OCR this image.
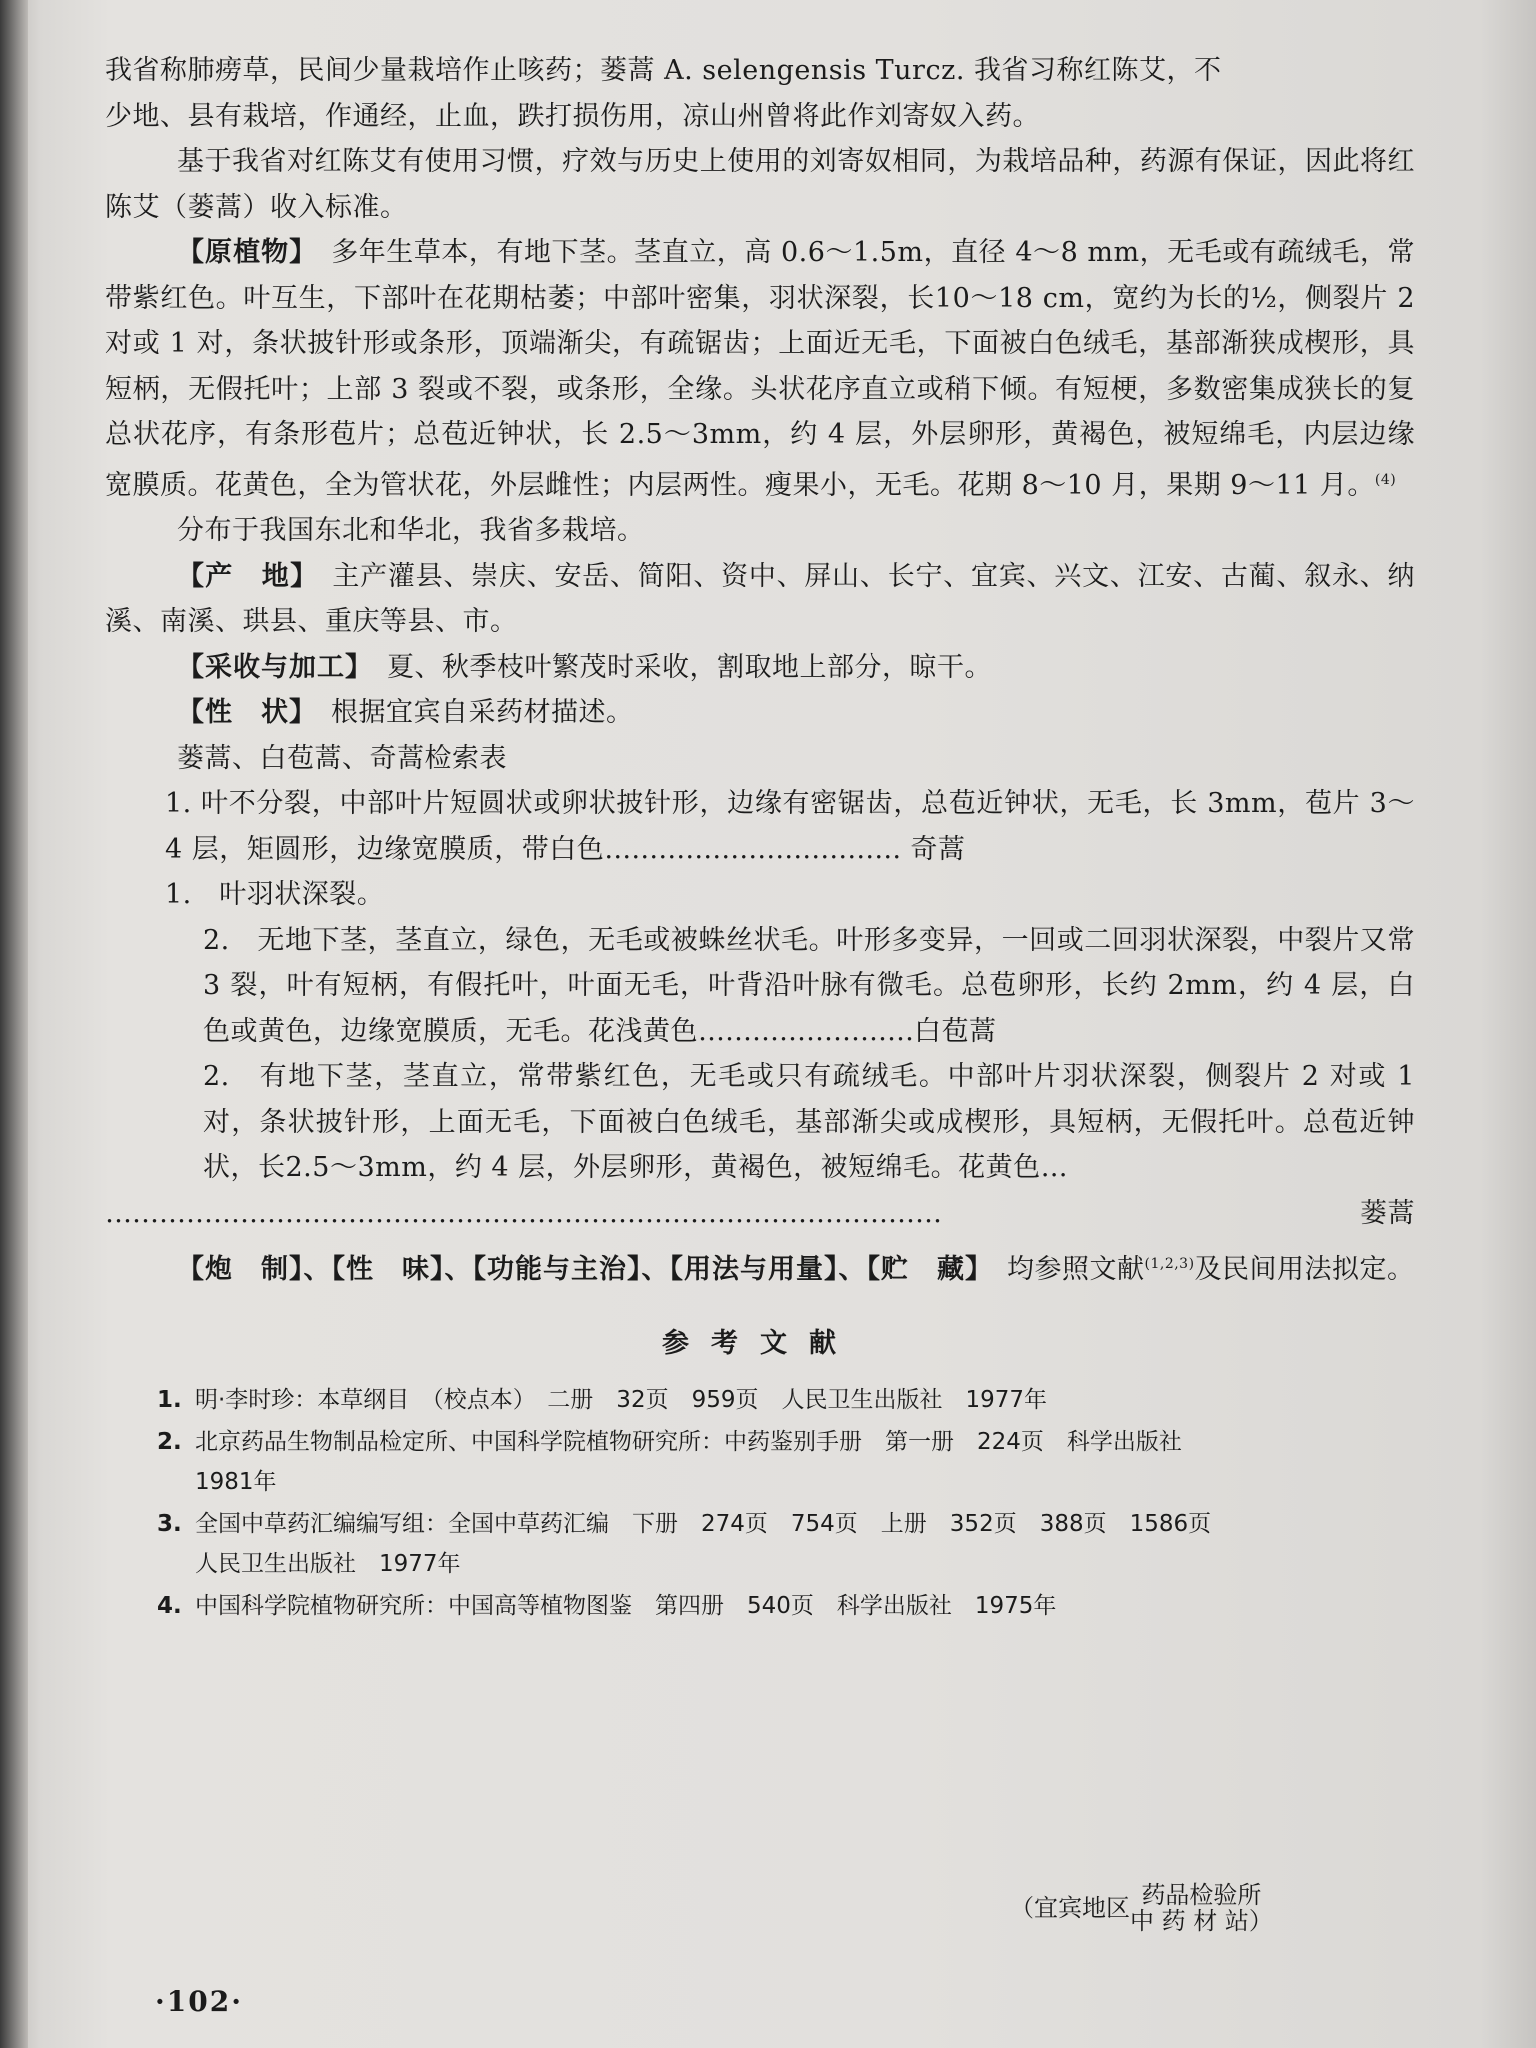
我省称肺痨草，民间少量栽培作止咳药；蒌蒿 A. selengensis Turcz. 我省习称红陈艾，不

少地、县有栽培，作通经，止血，跌打损伤用，凉山州曾将此作刘寄奴入药。

基于我省对红陈艾有使用习惯，疗效与历史上使用的刘寄奴相同，为栽培品种，药源有保证，因此将红陈艾（蒌蒿）收入标准。

【原植物】 多年生草本，有地下茎。茎直立，高 0.6～1.5m，直径 4～8 mm，无毛或有疏绒毛，常带紫红色。叶互生，下部叶在花期枯萎；中部叶密集，羽状深裂，长10～18 cm，宽约为长的½，侧裂片 2 对或 1 对，条状披针形或条形，顶端渐尖，有疏锯齿；上面近无毛，下面被白色绒毛，基部渐狭成楔形，具短柄，无假托叶；上部 3 裂或不裂，或条形，全缘。头状花序直立或稍下倾。有短梗，多数密集成狭长的复总状花序，有条形苞片；总苞近钟状，长 2.5～3mm，约 4 层，外层卵形，黄褐色，被短绵毛，内层边缘宽膜质。花黄色，全为管状花，外层雌性；内层两性。瘦果小，无毛。花期 8～10 月，果期 9～11 月。$^{(4)}$

分布于我国东北和华北，我省多栽培。

【产　地】 主产灌县、崇庆、安岳、简阳、资中、屏山、长宁、宜宾、兴文、江安、古蔺、叙永、纳溪、南溪、珙县、重庆等县、市。

【采收与加工】 夏、秋季枝叶繁茂时采收，割取地上部分，晾干。

【性　状】 根据宜宾自采药材描述。

蒌蒿、白苞蒿、奇蒿检索表

1. 叶不分裂，中部叶片短圆状或卵状披针形，边缘有密锯齿，总苞近钟状，无毛，长 3mm，苞片 3～4 层，矩圆形，边缘宽膜质，带白色…………………………… 奇蒿

1.　叶羽状深裂。

2.　无地下茎，茎直立，绿色，无毛或被蛛丝状毛。叶形多变异，一回或二回羽状深裂，中裂片又常 3 裂，叶有短柄，有假托叶，叶面无毛，叶背沿叶脉有微毛。总苞卵形，长约 2mm，约 4 层，白色或黄色，边缘宽膜质，无毛。花浅黄色……………………白苞蒿

2.　有地下茎，茎直立，常带紫红色，无毛或只有疏绒毛。中部叶片羽状深裂，侧裂片 2 对或 1 对，条状披针形，上面无毛，下面被白色绒毛，基部渐尖或成楔形，具短柄，无假托叶。总苞近钟状，长2.5～3mm，约 4 层，外层卵形，黄褐色，被短绵毛。花黄色…

蒌蒿
…………………………………………………………………………………

【炮　制】、【性　味】、【功能与主治】、【用法与用量】、【贮　藏】 均参照文献$^{(1,2,3)}$及民间用法拟定。

参考文献

1. 明·李时珍：本草纲目　（校点本）　二册　32页　959页　人民卫生出版社　1977年

2. 北京药品生物制品检定所、中国科学院植物研究所：中药鉴别手册　第一册　224页　科学出版社
1981年

3. 全国中草药汇编编写组：全国中草药汇编　下册　274页　754页　上册　352页　388页　1586页
人民卫生出版社　1977年

4. 中国科学院植物研究所：中国高等植物图鉴　第四册　540页　科学出版社　1975年

（宜宾地区 药品检验所
中 药 材 站）
·102·
